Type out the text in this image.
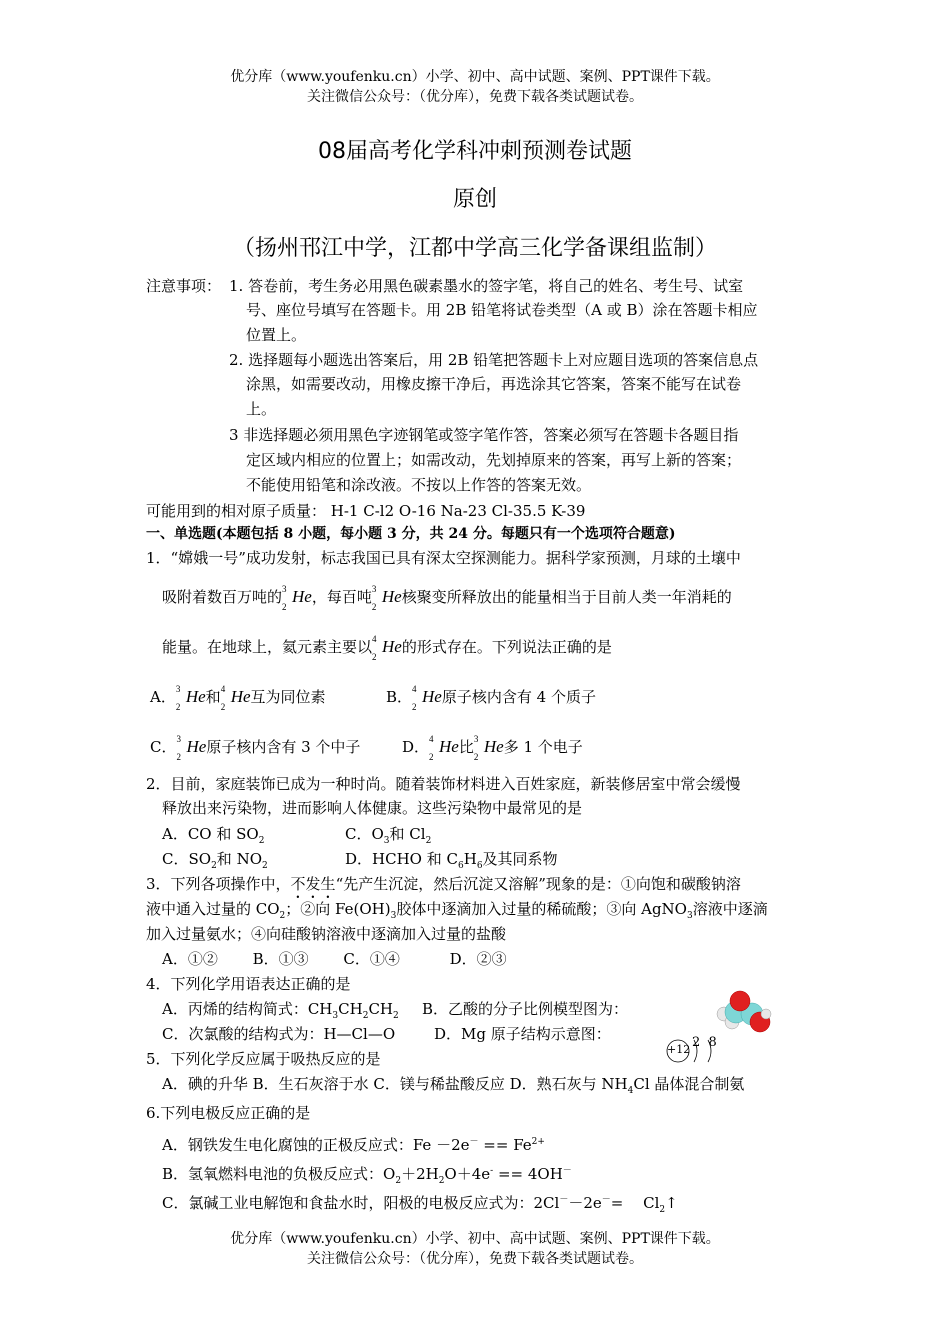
优分库（www.youfenku.cn）小学、初中、高中试题、案例、PPT课件下载。
关注微信公众号：（优分库），免费下载各类试题试卷。
08届高考化学科冲刺预测卷试题
原创
（扬州邗江中学，江都中学高三化学备课组监制）
注意事项： 1. 答卷前，考生务必用黑色碳素墨水的签字笔，将自己的姓名、考生号、试室
号、座位号填写在答题卡。用 2B 铅笔将试卷类型（A 或 B）涂在答题卡相应
位置上。
2. 选择题每小题选出答案后，用 2B 铅笔把答题卡上对应题目选项的答案信息点
涂黑，如需要改动，用橡皮擦干净后，再选涂其它答案，答案不能写在试卷
上。
3 非选择题必须用黑色字迹钢笔或签字笔作答，答案必须写在答题卡各题目指
定区域内相应的位置上；如需改动，先划掉原来的答案，再写上新的答案；
不能使用铅笔和涂改液。不按以上作答的答案无效。
可能用到的相对原子质量： H-1 C-l2 O-16 Na-23 Cl-35.5 K-39
一、单选题(本题包括 8 小题，每小题 3 分，共 24 分。每题只有一个选项符合题意)
1．“嫦娥一号”成功发射，标志我国已具有深太空探测能力。据科学家预测，月球的土壤中
吸附着数百万吨的 3
2
He，每百吨 3
2
He核聚变所释放出的能量相当于目前人类一年消耗的
能量。在地球上，氦元素主要以 4
2
He的形式存在。下列说法正确的是
A． 3
2
He和 4
2
He互为同位素	B． 4
2
He原子核内含有 4 个质子
C． 3
2
He原子核内含有 3 个中子	D． 4
2
He比 3
2
He多 1 个电子
2．目前，家庭装饰已成为一种时尚。随着装饰材料进入百姓家庭，新装修居室中常会缓慢
释放出来污染物，进而影响人体健康。这些污染物中最常见的是
A．CO 和 $SO_2$	C．$O_3$和 $Cl_2$
C．$SO_2$和 $NO_2$	D．HCHO 和 $C_6H_6$及其同系物
3．下列各项操作中，不发生“先产生沉淀，然后沉淀又溶解”现象的是：①向饱和碳酸钠溶
液中通入过量的 $CO_2$；②向 $Fe(OH)_3$胶体中逐滴加入过量的稀硫酸；③向 AgNO$_3$溶液中逐滴
加入过量氨水；④向硅酸钠溶液中逐滴加入过量的盐酸
A．①②　　 B．①③　　 C．①④　　　 D．②③
4．下列化学用语表达正确的是
A．丙烯的结构简式：$CH_3CH_2CH_2$ B．乙酸的分子比例模型图为：
C．次氯酸的结构式为：H—Cl—O	D．Mg 原子结构示意图：
+12 2  8
5．下列化学反应属于吸热反应的是
A．碘的升华 B．生石灰溶于水 C．镁与稀盐酸反应 D．熟石灰与 $NH_4Cl$ 晶体混合制氨
6.下列电极反应正确的是
A．钢铁发生电化腐蚀的正极反应式：$Fe -2e^- == Fe^{2+}$
B．氢氧燃料电池的负极反应式：$O_2+2H_2O+4e^- == 4OH^-$
C．氯碱工业电解饱和食盐水时，阳极的电极反应式为：2Cl－－2e－=　 $Cl_2↑$
优分库（www.youfenku.cn）小学、初中、高中试题、案例、PPT课件下载。
关注微信公众号：（优分库），免费下载各类试题试卷。
